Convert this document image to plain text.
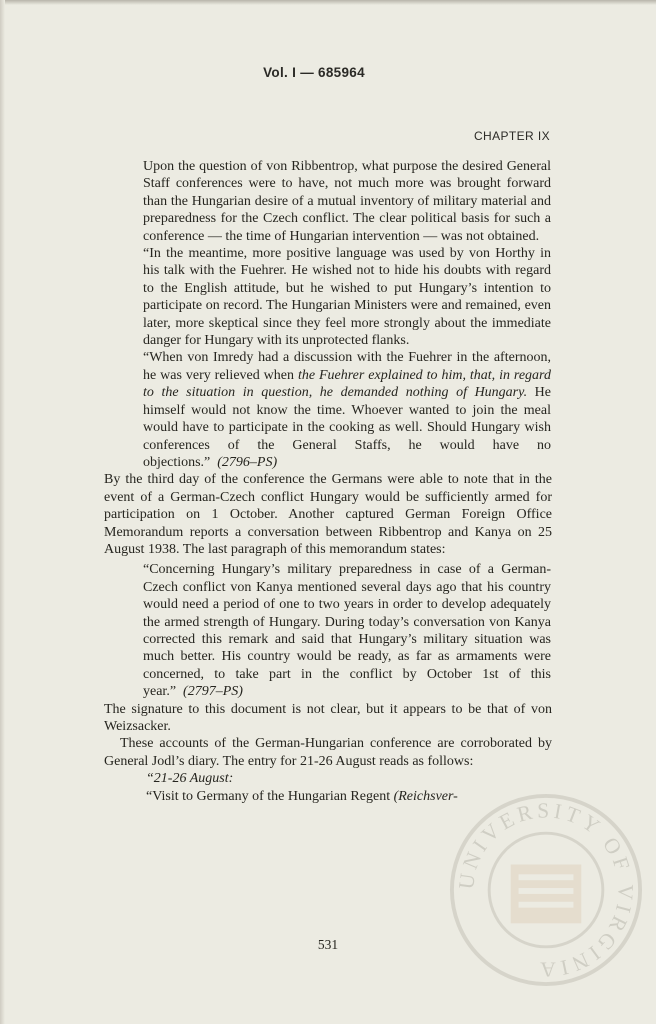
Vol. I — 685964
CHAPTER IX

Upon the question of von Ribbentrop, what purpose the desired General Staff conferences were to have, not much more was brought forward than the Hungarian desire of a mutual inventory of military material and preparedness for the Czech conflict. The clear political basis for such a conference — the time of Hungarian intervention — was not obtained.

“In the meantime, more positive language was used by von Horthy in his talk with the Fuehrer. He wished not to hide his doubts with regard to the English attitude, but he wished to put Hungary’s intention to participate on record. The Hungarian Ministers were and remained, even later, more skeptical since they feel more strongly about the immediate danger for Hungary with its unprotected flanks.

“When von Imredy had a discussion with the Fuehrer in the afternoon, he was very relieved when the Fuehrer explained to him, that, in regard to the situation in question, he demanded nothing of Hungary. He himself would not know the time. Whoever wanted to join the meal would have to participate in the cooking as well. Should Hungary wish conferences of the General Staffs, he would have no objections.” (2796–PS)

By the third day of the conference the Germans were able to note that in the event of a German-Czech conflict Hungary would be sufficiently armed for participation on 1 October. Another captured German Foreign Office Memorandum reports a conversation between Ribbentrop and Kanya on 25 August 1938. The last paragraph of this memorandum states:

“Concerning Hungary’s military preparedness in case of a German-Czech conflict von Kanya mentioned several days ago that his country would need a period of one to two years in order to develop adequately the armed strength of Hungary. During today’s conversation von Kanya corrected this remark and said that Hungary’s military situation was much better. His country would be ready, as far as armaments were concerned, to take part in the conflict by October 1st of this year.” (2797–PS)

The signature to this document is not clear, but it appears to be that of von Weizsacker.

These accounts of the German-Hungarian conference are corroborated by General Jodl’s diary. The entry for 21-26 August reads as follows:

“21-26 August:

“Visit to Germany of the Hungarian Regent (Reichsver-

531
UNIVERSITY OF VIRGINIA
